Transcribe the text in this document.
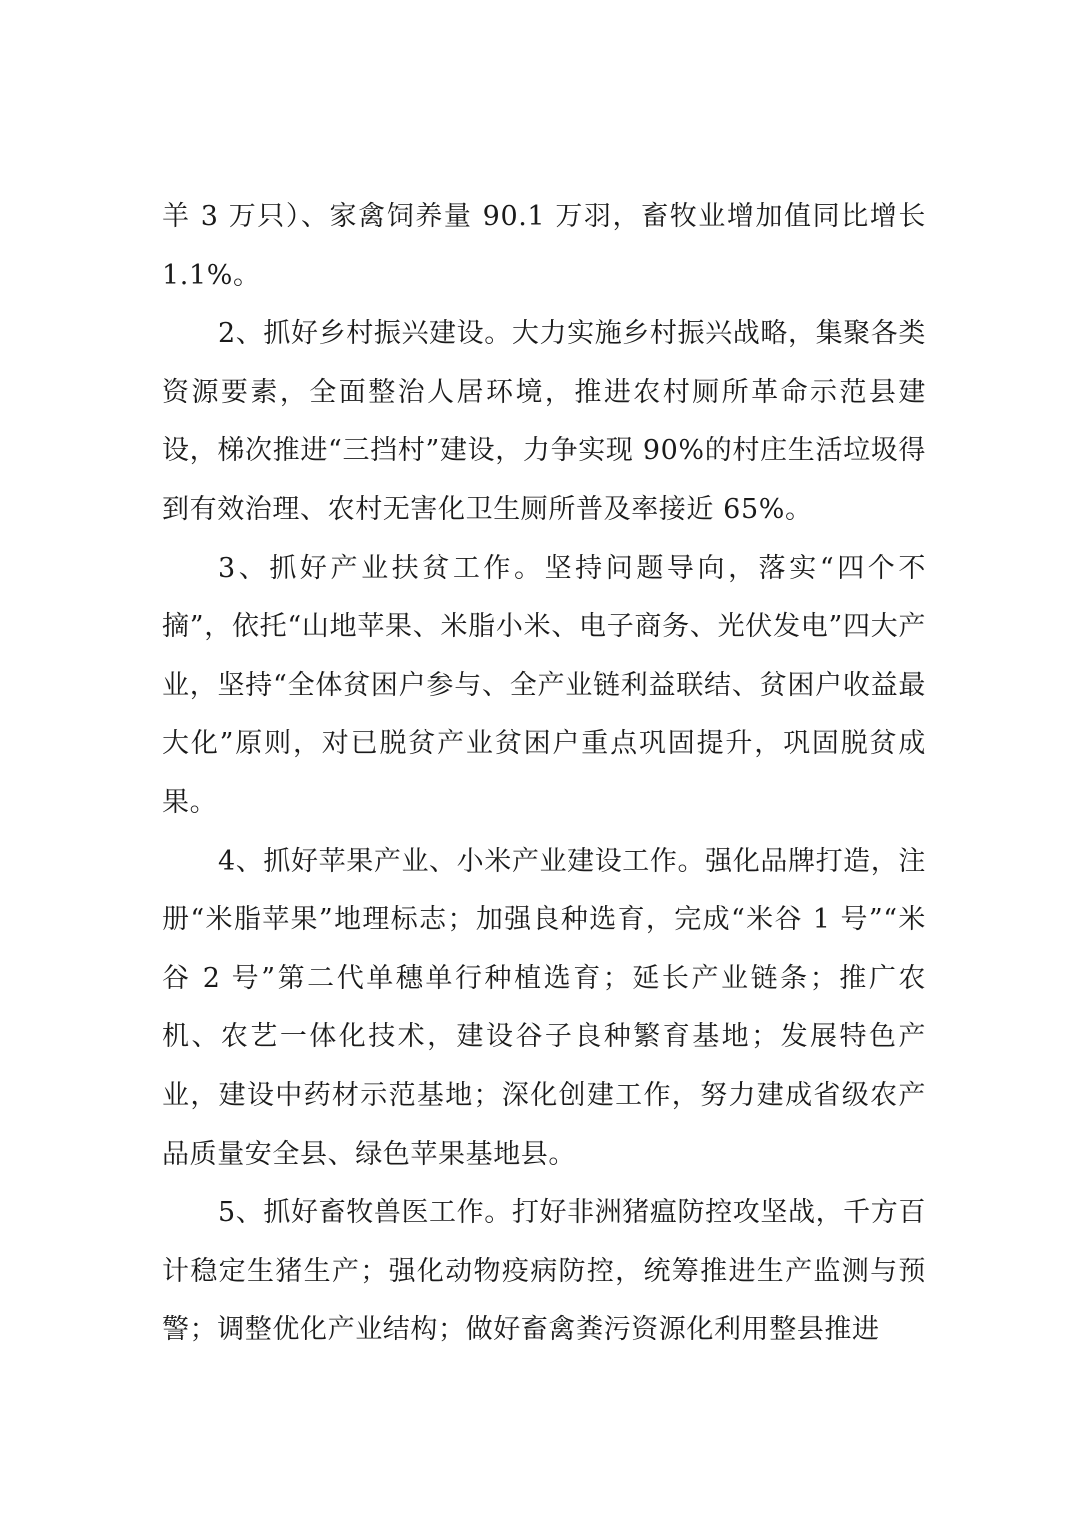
羊 3 万只）、家禽饲养量 90.1 万羽，畜牧业增加值同比增长 1.1%。

2、抓好乡村振兴建设。大力实施乡村振兴战略，集聚各类资源要素，全面整治人居环境，推进农村厕所革命示范县建设，梯次推进“三挡村”建设，力争实现 90%的村庄生活垃圾得到有效治理、农村无害化卫生厕所普及率接近 65%。

3、抓好产业扶贫工作。坚持问题导向，落实“四个不摘”，依托“山地苹果、米脂小米、电子商务、光伏发电”四大产业，坚持“全体贫困户参与、全产业链利益联结、贫困户收益最大化”原则，对已脱贫产业贫困户重点巩固提升，巩固脱贫成果。

4、抓好苹果产业、小米产业建设工作。强化品牌打造，注册“米脂苹果”地理标志；加强良种选育，完成“米谷 1 号”“米谷 2 号”第二代单穗单行种植选育；延长产业链条；推广农机、农艺一体化技术，建设谷子良种繁育基地；发展特色产业，建设中药材示范基地；深化创建工作，努力建成省级农产品质量安全县、绿色苹果基地县。

5、抓好畜牧兽医工作。打好非洲猪瘟防控攻坚战，千方百计稳定生猪生产；强化动物疫病防控，统筹推进生产监测与预警；调整优化产业结构；做好畜禽粪污资源化利用整县推进
